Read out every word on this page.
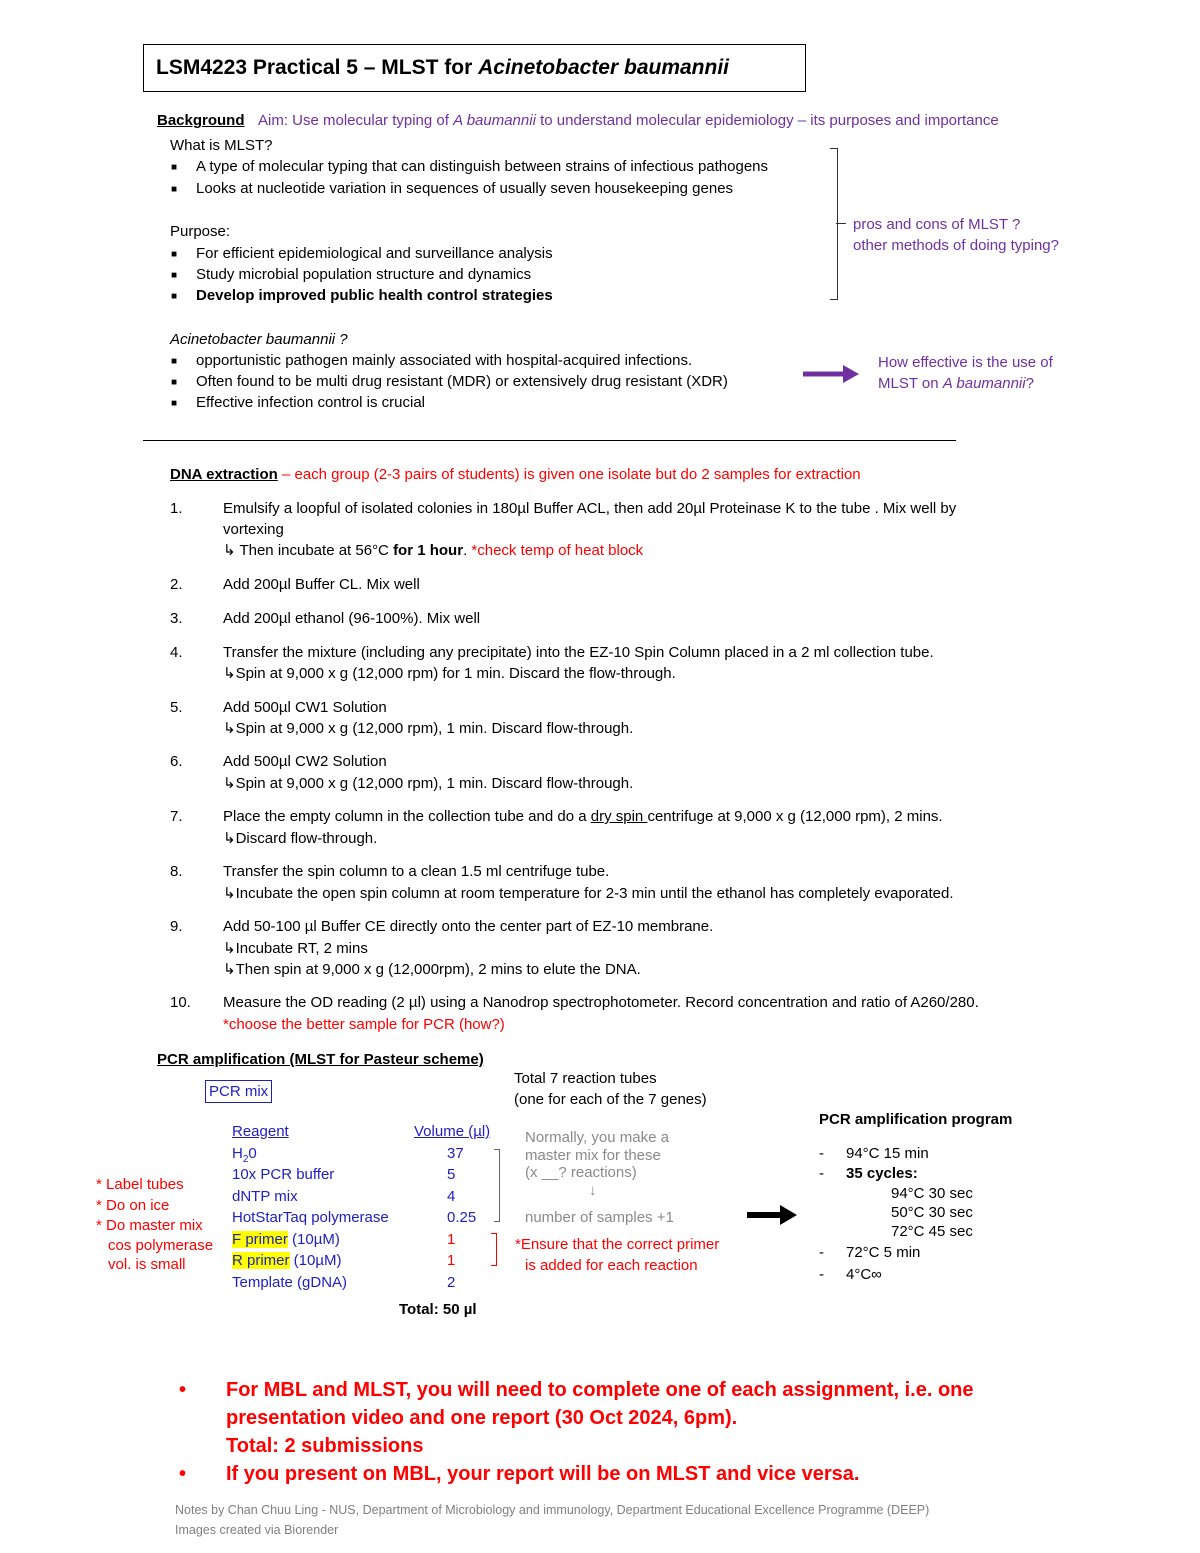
LSM4223 Practical 5 – MLST for Acinetobacter baumannii
Background Aim: Use molecular typing of A baumannii to understand molecular epidemiology – its purposes and importance
What is MLST?
■ A type of molecular typing that can distinguish between strains of infectious pathogens
■ Looks at nucleotide variation in sequences of usually seven housekeeping genes
Purpose:
■ For efficient epidemiological and surveillance analysis
■ Study microbial population structure and dynamics
■ Develop improved public health control strategies
pros and cons of MLST ?
other methods of doing typing?
Acinetobacter baumannii ?
■ opportunistic pathogen mainly associated with hospital-acquired infections.
■ Often found to be multi drug resistant (MDR) or extensively drug resistant (XDR)
■ Effective infection control is crucial
How effective is the use of
MLST on A baumannii?
DNA extraction – each group (2-3 pairs of students) is given one isolate but do 2 samples for extraction
1.	Emulsify a loopful of isolated colonies in 180µl Buffer ACL, then add 20µl Proteinase K to the tube . Mix well by
vortexing
↳ Then incubate at 56°C for 1 hour. *check temp of heat block
2.	Add 200µl Buffer CL. Mix well
3.	Add 200µl ethanol (96-100%). Mix well
4.	Transfer the mixture (including any precipitate) into the EZ-10 Spin Column placed in a 2 ml collection tube.
↳Spin at 9,000 x g (12,000 rpm) for 1 min. Discard the flow-through.
5.	Add 500µl CW1 Solution
↳Spin at 9,000 x g (12,000 rpm), 1 min. Discard flow-through.
6.	Add 500µl CW2 Solution
↳Spin at 9,000 x g (12,000 rpm), 1 min. Discard flow-through.
7.	Place the empty column in the collection tube and do a dry spin centrifuge at 9,000 x g (12,000 rpm), 2 mins.
↳Discard flow-through.
8.	Transfer the spin column to a clean 1.5 ml centrifuge tube.
↳Incubate the open spin column at room temperature for 2-3 min until the ethanol has completely evaporated.
9.	Add 50-100 µl Buffer CE directly onto the center part of EZ-10 membrane.
↳Incubate RT, 2 mins
↳Then spin at 9,000 x g (12,000rpm), 2 mins to elute the DNA.
10.	Measure the OD reading (2 µl) using a Nanodrop spectrophotometer. Record concentration and ratio of A260/280.
*choose the better sample for PCR (how?)
PCR amplification (MLST for Pasteur scheme)
PCR mix
Total 7 reaction tubes
(one for each of the 7 genes)
Reagent	Volume (µl)
$H_20$	37
10x PCR buffer	5
dNTP mix	4
HotStarTaq polymerase	0.25
F primer (10µM)	1
R primer (10µM)	1
Template (gDNA)	2
Total: 50 µl
* Label tubes
* Do on ice
* Do master mix
cos polymerase
vol. is small
Normally, you make a
master mix for these
(x __? reactions)
↓
number of samples +1
*Ensure that the correct primer
is added for each reaction
PCR amplification program
- 94°C 15 min
- 35 cycles:
94°C 30 sec
50°C 30 sec
72°C 45 sec
- 72°C 5 min
- 4°C∞
• For MBL and MLST, you will need to complete one of each assignment, i.e. one
presentation video and one report (30 Oct 2024, 6pm).
Total: 2 submissions
• If you present on MBL, your report will be on MLST and vice versa.
Notes by Chan Chuu Ling - NUS, Department of Microbiology and immunology, Department Educational Excellence Programme (DEEP)
Images created via Biorender
